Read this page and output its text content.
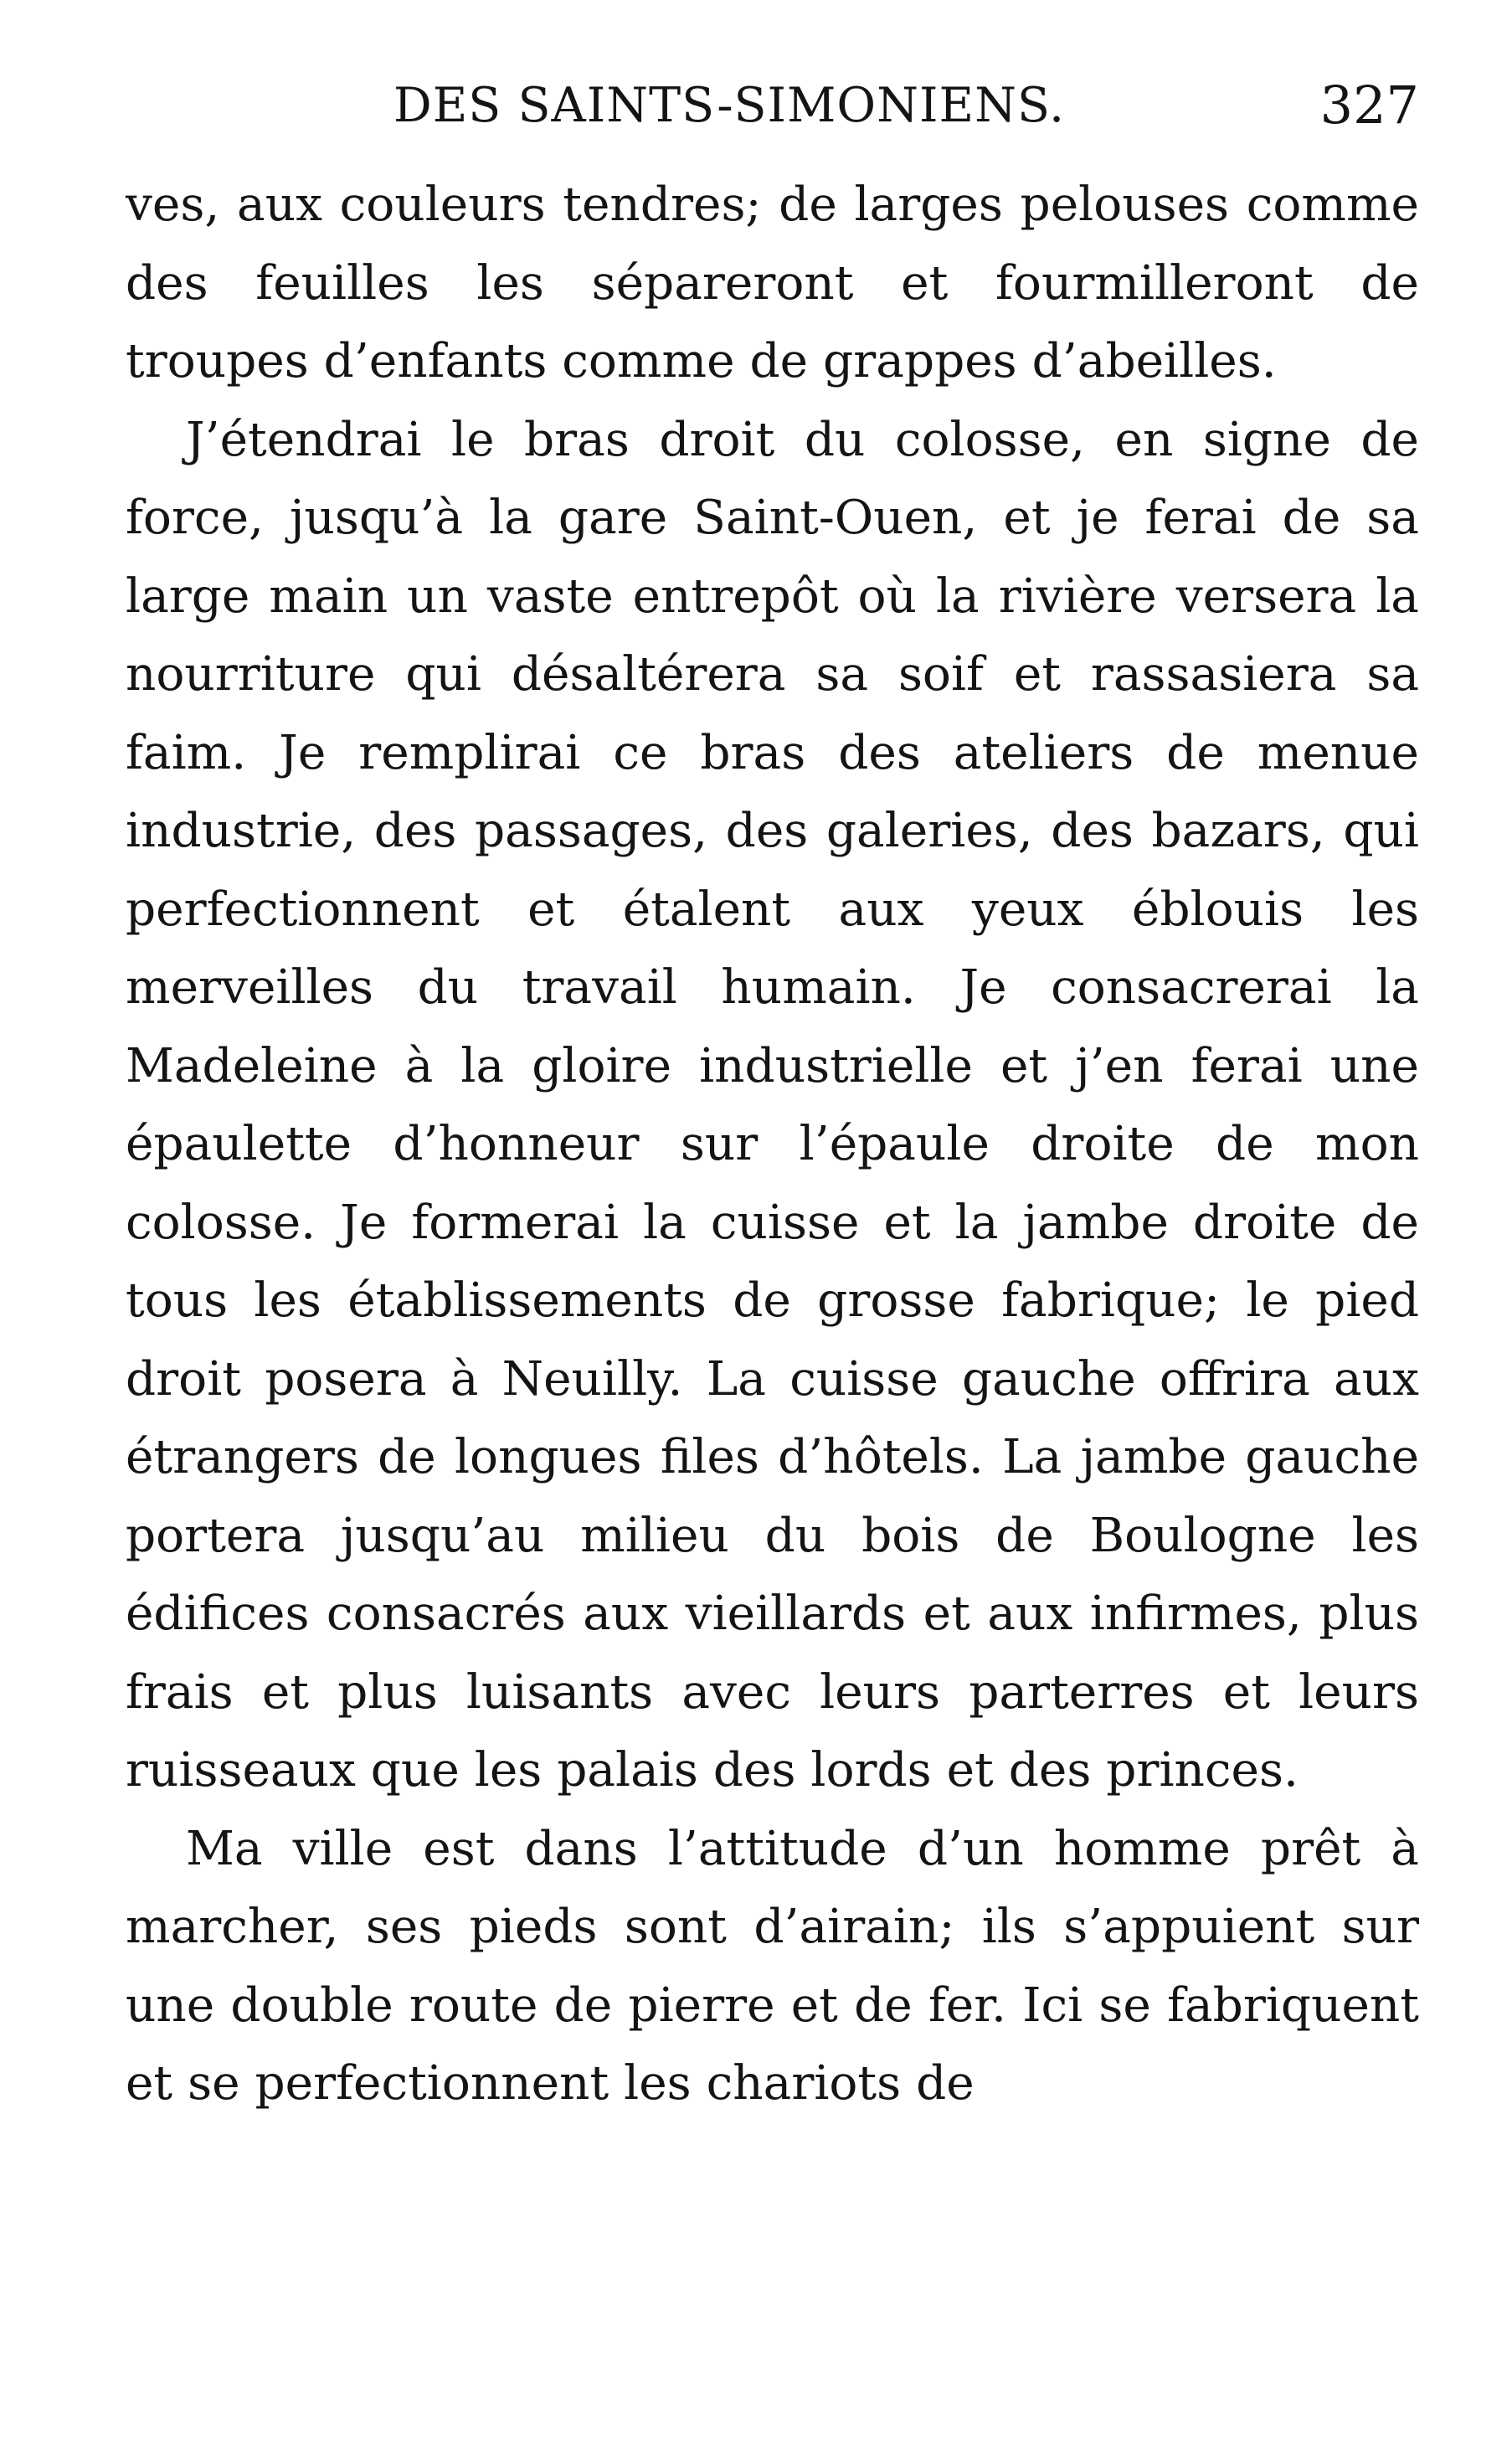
DES SAINTS-SIMONIENS.	327

ves, aux couleurs tendres; de larges pelouses comme des feuilles les sépareront et fourmilleront de troupes d’enfants comme de grappes d’abeilles.

J’étendrai le bras droit du colosse, en signe de force, jusqu’à la gare Saint-Ouen, et je ferai de sa large main un vaste entrepôt où la rivière versera la nourriture qui désaltérera sa soif et rassasiera sa faim. Je remplirai ce bras des ateliers de menue industrie, des passages, des galeries, des bazars, qui perfectionnent et étalent aux yeux éblouis les merveilles du travail humain. Je consacrerai la Madeleine à la gloire industrielle et j’en ferai une épaulette d’honneur sur l’épaule droite de mon colosse. Je formerai la cuisse et la jambe droite de tous les établissements de grosse fabrique; le pied droit posera à Neuilly. La cuisse gauche offrira aux étrangers de longues files d’hôtels. La jambe gauche portera jusqu’au milieu du bois de Boulogne les édifices consacrés aux vieillards et aux infirmes, plus frais et plus luisants avec leurs parterres et leurs ruisseaux que les palais des lords et des princes.

Ma ville est dans l’attitude d’un homme prêt à marcher, ses pieds sont d’airain; ils s’appuient sur une double route de pierre et de fer. Ici se fabriquent et se perfectionnent les chariots de
